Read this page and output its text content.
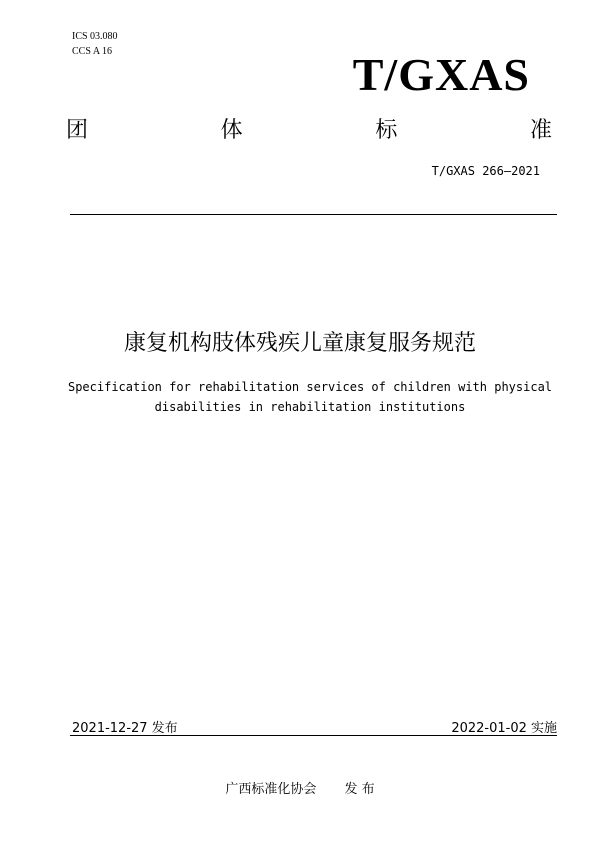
ICS 03.080
CCS A 16	T/GXAS
团	体	标	准
T/GXAS 266—2021
康复机构肢体残疾儿童康复服务规范
Specification for rehabilitation services of children with physical
disabilities in rehabilitation institutions
2021-12-27 发布	2022-01-02 实施
广西标准化协会 发 布
